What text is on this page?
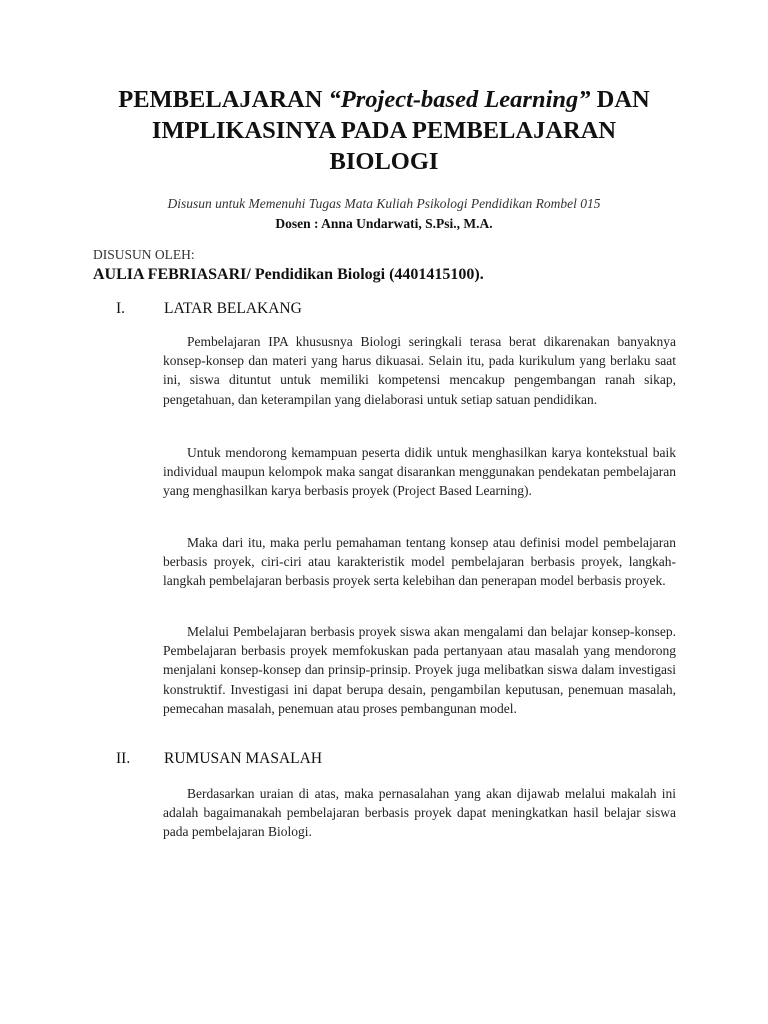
PEMBELAJARAN “Project-based Learning” DAN
IMPLIKASINYA PADA PEMBELAJARAN
BIOLOGI
Disusun untuk Memenuhi Tugas Mata Kuliah Psikologi Pendidikan Rombel 015
Dosen : Anna Undarwati, S.Psi., M.A.
DISUSUN OLEH:
AULIA FEBRIASARI/ Pendidikan Biologi (4401415100).
I.	LATAR BELAKANG

Pembelajaran IPA khususnya Biologi seringkali terasa berat dikarenakan banyaknya konsep-konsep dan materi yang harus dikuasai. Selain itu, pada kurikulum yang berlaku saat ini, siswa dituntut untuk memiliki kompetensi mencakup pengembangan ranah sikap, pengetahuan, dan keterampilan yang dielaborasi untuk setiap satuan pendidikan.

Untuk mendorong kemampuan peserta didik untuk menghasilkan karya kontekstual baik individual maupun kelompok maka sangat disarankan menggunakan pendekatan pembelajaran yang menghasilkan karya berbasis proyek (Project Based Learning).

Maka dari itu, maka perlu pemahaman tentang konsep atau definisi model pembelajaran berbasis proyek, ciri-ciri atau karakteristik model pembelajaran berbasis proyek, langkah-langkah pembelajaran berbasis proyek serta kelebihan dan penerapan model berbasis proyek.

Melalui Pembelajaran berbasis proyek siswa akan mengalami dan belajar konsep-konsep. Pembelajaran berbasis proyek memfokuskan pada pertanyaan atau masalah yang mendorong menjalani konsep-konsep dan prinsip-prinsip. Proyek juga melibatkan siswa dalam investigasi konstruktif. Investigasi ini dapat berupa desain, pengambilan keputusan, penemuan masalah, pemecahan masalah, penemuan atau proses pembangunan model.

II.	RUMUSAN MASALAH

Berdasarkan uraian di atas, maka pernasalahan yang akan dijawab melalui makalah ini adalah bagaimanakah pembelajaran berbasis proyek dapat meningkatkan hasil belajar siswa pada pembelajaran Biologi.
